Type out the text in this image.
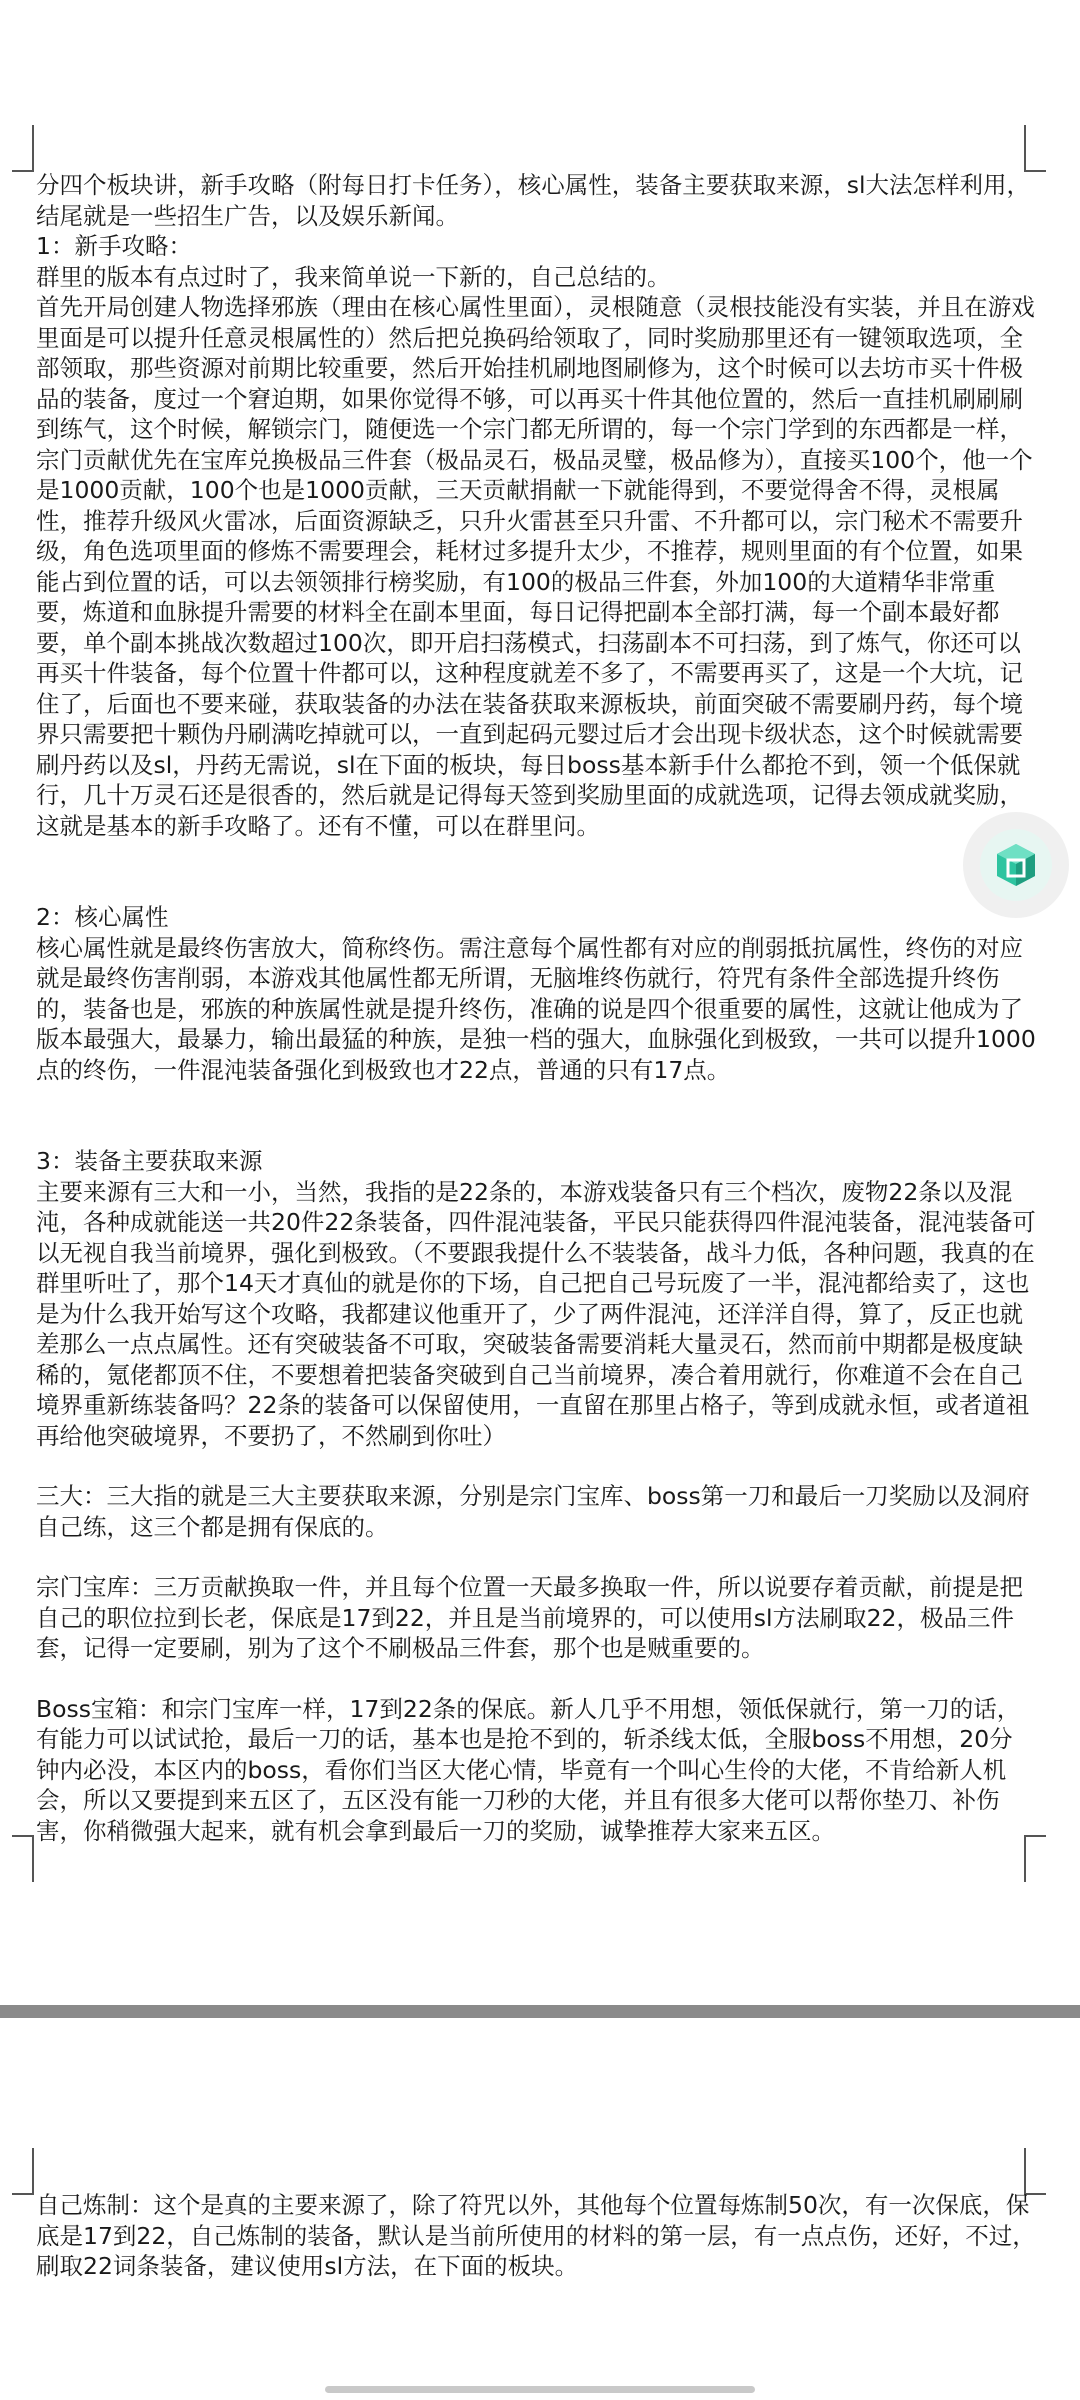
分四个板块讲，新手攻略（附每日打卡任务），核心属性，装备主要获取来源，sl大法怎样利用，结尾就是一些招生广告，以及娱乐新闻。

1：新手攻略：

群里的版本有点过时了，我来简单说一下新的，自己总结的。

首先开局创建人物选择邪族（理由在核心属性里面），灵根随意（灵根技能没有实装，并且在游戏里面是可以提升任意灵根属性的）然后把兑换码给领取了，同时奖励那里还有一键领取选项，全部领取，那些资源对前期比较重要，然后开始挂机刷地图刷修为，这个时候可以去坊市买十件极品的装备，度过一个窘迫期，如果你觉得不够，可以再买十件其他位置的，然后一直挂机刷刷刷到练气，这个时候，解锁宗门，随便选一个宗门都无所谓的，每一个宗门学到的东西都是一样，宗门贡献优先在宝库兑换极品三件套（极品灵石，极品灵璧，极品修为），直接买100个，他一个是1000贡献，100个也是1000贡献，三天贡献捐献一下就能得到，不要觉得舍不得，灵根属性，推荐升级风火雷冰，后面资源缺乏，只升火雷甚至只升雷、不升都可以，宗门秘术不需要升级，角色选项里面的修炼不需要理会，耗材过多提升太少，不推荐，规则里面的有个位置，如果能占到位置的话，可以去领领排行榜奖励，有100的极品三件套，外加100的大道精华非常重要，炼道和血脉提升需要的材料全在副本里面，每日记得把副本全部打满，每一个副本最好都要，单个副本挑战次数超过100次，即开启扫荡模式，扫荡副本不可扫荡，到了炼气，你还可以再买十件装备，每个位置十件都可以，这种程度就差不多了，不需要再买了，这是一个大坑，记住了，后面也不要来碰，获取装备的办法在装备获取来源板块，前面突破不需要刷丹药，每个境界只需要把十颗伪丹刷满吃掉就可以，一直到起码元婴过后才会出现卡级状态，这个时候就需要刷丹药以及sl，丹药无需说，sl在下面的板块，每日boss基本新手什么都抢不到，领一个低保就行，几十万灵石还是很香的，然后就是记得每天签到奖励里面的成就选项，记得去领成就奖励，这就是基本的新手攻略了。还有不懂，可以在群里问。

2：核心属性

核心属性就是最终伤害放大，简称终伤。需注意每个属性都有对应的削弱抵抗属性，终伤的对应就是最终伤害削弱，本游戏其他属性都无所谓，无脑堆终伤就行，符咒有条件全部选提升终伤的，装备也是，邪族的种族属性就是提升终伤，准确的说是四个很重要的属性，这就让他成为了版本最强大，最暴力，输出最猛的种族，是独一档的强大，血脉强化到极致，一共可以提升1000点的终伤，一件混沌装备强化到极致也才22点，普通的只有17点。

3：装备主要获取来源

主要来源有三大和一小，当然，我指的是22条的，本游戏装备只有三个档次，废物22条以及混沌，各种成就能送一共20件22条装备，四件混沌装备，平民只能获得四件混沌装备，混沌装备可以无视自我当前境界，强化到极致。（不要跟我提什么不装装备，战斗力低，各种问题，我真的在群里听吐了，那个14天才真仙的就是你的下场，自己把自己号玩废了一半，混沌都给卖了，这也是为什么我开始写这个攻略，我都建议他重开了，少了两件混沌，还洋洋自得，算了，反正也就差那么一点点属性。还有突破装备不可取，突破装备需要消耗大量灵石，然而前中期都是极度缺稀的，氪佬都顶不住，不要想着把装备突破到自己当前境界，凑合着用就行，你难道不会在自己境界重新练装备吗？22条的装备可以保留使用，一直留在那里占格子，等到成就永恒，或者道祖再给他突破境界，不要扔了，不然刷到你吐）

三大：三大指的就是三大主要获取来源，分别是宗门宝库、boss第一刀和最后一刀奖励以及洞府自己练，这三个都是拥有保底的。

宗门宝库：三万贡献换取一件，并且每个位置一天最多换取一件，所以说要存着贡献，前提是把自己的职位拉到长老，保底是17到22，并且是当前境界的，可以使用sl方法刷取22，极品三件套，记得一定要刷，别为了这个不刷极品三件套，那个也是贼重要的。

Boss宝箱：和宗门宝库一样，17到22条的保底。新人几乎不用想，领低保就行，第一刀的话，有能力可以试试抢，最后一刀的话，基本也是抢不到的，斩杀线太低，全服boss不用想，20分钟内必没，本区内的boss，看你们当区大佬心情，毕竟有一个叫心生伶的大佬，不肯给新人机会，所以又要提到来五区了，五区没有能一刀秒的大佬，并且有很多大佬可以帮你垫刀、补伤害，你稍微强大起来，就有机会拿到最后一刀的奖励，诚挚推荐大家来五区。

自己炼制：这个是真的主要来源了，除了符咒以外，其他每个位置每炼制50次，有一次保底，保底是17到22，自己炼制的装备，默认是当前所使用的材料的第一层，有一点点伤，还好，不过，刷取22词条装备，建议使用sl方法，在下面的板块。
